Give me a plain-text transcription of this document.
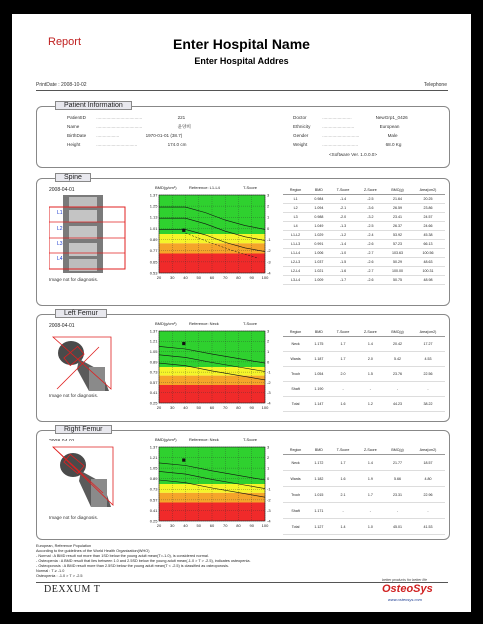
Report	Enter Hospital Name
Enter Hospital Addres
PrintDate : 2008-10-02	Telephone
Patient Information
PatientID ....................................	221
Name	....................................	윤양희
BirthDate ..................	1970-01-01 (38.7)
Height	................................	174.0 cm
Doctor	.......................	NewGrp1_0426
Ethnicity	.........................	European
Gender	.............................	Male
Weight	............................	68.0 Kg
<Software Ver. 1.0.0.0>
Spine
2008-04-01
L1
L2
L3
L4
Image not for diagnosis.
BMD(g/cm²)	Reference: L1-L4	T-Score
1.37	3
1.25	2
1.13	1
1.01	0
0.89	-1
0.77	-2
0.65	-3
0.53	-4
20 30 40 50 60 70 80 90 100
Region	BMD	T-Score	Z-Score	BMC(g)	Area(cm2)
L1	0.984	-1.4	-2.5	21.64	20.25
L2	1.094	-2.1	-3.6	26.59	23.86
L3	0.988	-2.0	-3.2	23.41	24.57
L4	1.049	-1.3	-2.5	26.37	24.66
L1-L2	1.029	-1.2	-2.4	53.92	45.38
L1-L3	0.991	-1.4	-2.6	57.23	66.13
L1-L4	1.006	-1.0	-2.7	103.63	100.56
L2-L3	1.037	-1.5	-2.6	50.29	48.63
L2-L4	1.021	-1.6	-2.7	100.00	100.31
L3-L4	1.009	-1.7	-2.6	50.75	48.98
Left Femur
2008-04-01
Image not for diagnosis.
BMD(g/cm²)	Reference: Neck	T-Score
1.37	3
1.21	2
1.05	1
0.89	0
0.73	-1
0.57	-2
0.41	-3
0.25	-4
20 30 40 50 60 70 80 90 100
Region	BMD	T-Score	Z-Score	BMC(g)	Area(cm2)
Neck	1.175	1.7	1.4	20.42	17.27
Wards	1.187	1.7	2.0	5.42	4.53
Troch	1.054	2.0	1.5	23.76	22.56
Shaft	1.190	-	-	-	-
Total	1.147	1.6	1.2	44.23	38.22
Right Femur
Image not for diagnosis.
BMD(g/cm²)	Reference: Neck	T-Score
1.37	3
1.21	2
1.05	1
0.89	0
0.73	-1
0.57	-2
0.41	-3
0.25	-4
20 30 40 50 60 70 80 90 100
Region	BMD	T-Score	Z-Score	BMC(g)	Area(cm2)
Neck	1.172	1.7	1.4	21.77	18.57
Wards	1.182	1.6	1.9	5.66	4.80
Troch	1.015	2.1	1.7	23.31	22.96
Shaft	1.171	-	-	-	-
Total	1.127	1.4	1.0	45.01	41.53
European, Reference Population
According to the guidelines of the World Health Organization(WHO)
- Normal : A BMD result not more than 1SD below the young adult mean(T=-1.0), is considered normal.
- Osteopenia : A BMD result that lies between 1.0 and 2.5SD below the young adult mean(-1.0 > T > -2.5), indicates osteopenia.
- Osteoporosis : A BMD result more than 2.5SD below the young adult mean(T < -2.5) is classified as osteoporosis.
Normal : T ≥ -1.0
Osteopenia : -1.0 > T > -2.5
DEXXUM T
better products for better life
OsteoSys
www.osteosys.com
